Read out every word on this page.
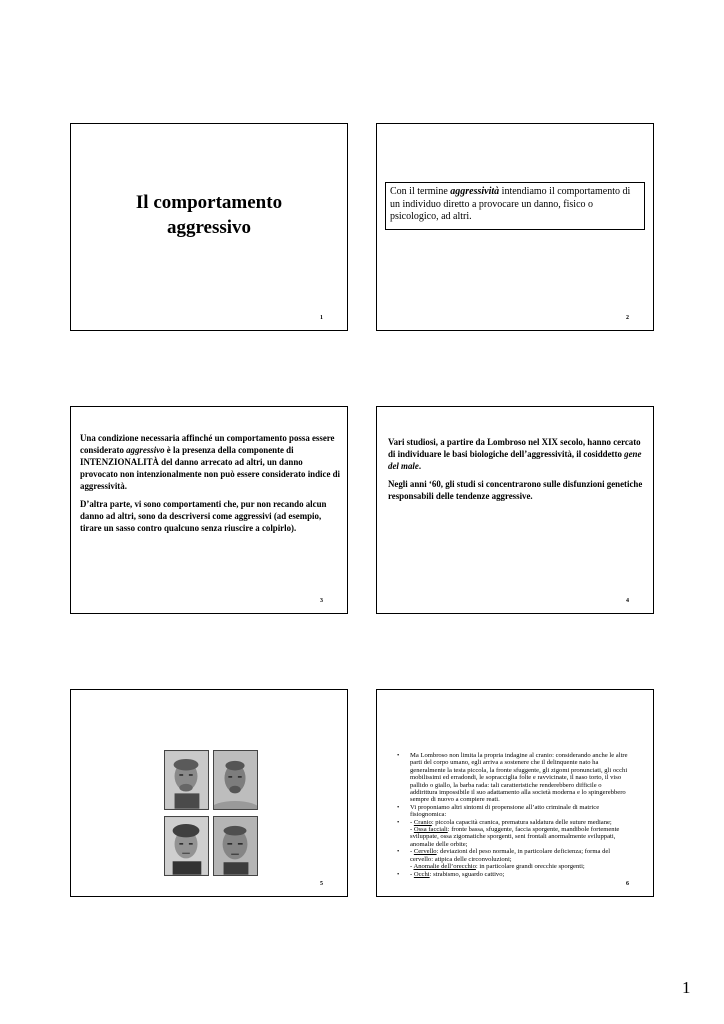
Il comportamento
aggressivo
1
Con il termine aggressività intendiamo il comportamento di un individuo diretto a provocare un danno, fisico o psicologico, ad altri.
2

Una condizione necessaria affinché un comportamento possa essere considerato aggressivo è la presenza della componente di INTENZIONALITÀ del danno arrecato ad altri, un danno provocato non intenzionalmente non può essere considerato indice di aggressività.

D’altra parte, vi sono comportamenti che, pur non recando alcun danno ad altri, sono da descriversi come aggressivi (ad esempio, tirare un sasso contro qualcuno senza riuscire a colpirlo).

3

Vari studiosi, a partire da Lombroso nel XIX secolo, hanno cercato di individuare le basi biologiche dell’aggressività, il cosiddetto gene del male.

Negli anni ‘60, gli studi si concentrarono sulle disfunzioni genetiche responsabili delle tendenze aggressive.

4
5
• Ma Lombroso non limita la propria indagine al cranio: considerando anche le altre parti del corpo umano, egli arriva a sostenere che il delinquente nato ha generalmente la testa piccola, la fronte sfuggente, gli zigomi pronunciati, gli occhi mobilissimi ed erradondi, le sopracciglia folte e ravvicinate, il naso torto, il viso pallido o giallo, la barba rada: tali caratteristiche renderebbero difficile o addirittura impossibile il suo adattamento alla società moderna e lo spingerebbero sempre di nuovo a compiere reati.
• Vi proponiamo altri sintomi di propensione all’atto criminale di matrice fisiognomica:
• - Cranio: piccola capacità cranica, prematura saldatura delle suture mediane;
- Ossa facciali: fronte bassa, sfuggente, faccia sporgente, mandibole fortemente sviluppate, ossa zigomatiche sporgenti, seni frontali anormalmente sviluppati, anomalie delle orbite;
• - Cervello: deviazioni del peso normale, in particolare deficienza; forma del cervello: atipica delle circonvoluzioni;
- Anomalie dell’orecchio: in particolare grandi orecchie sporgenti;
• - Occhi: strabismo, sguardo cattivo;
6
1
